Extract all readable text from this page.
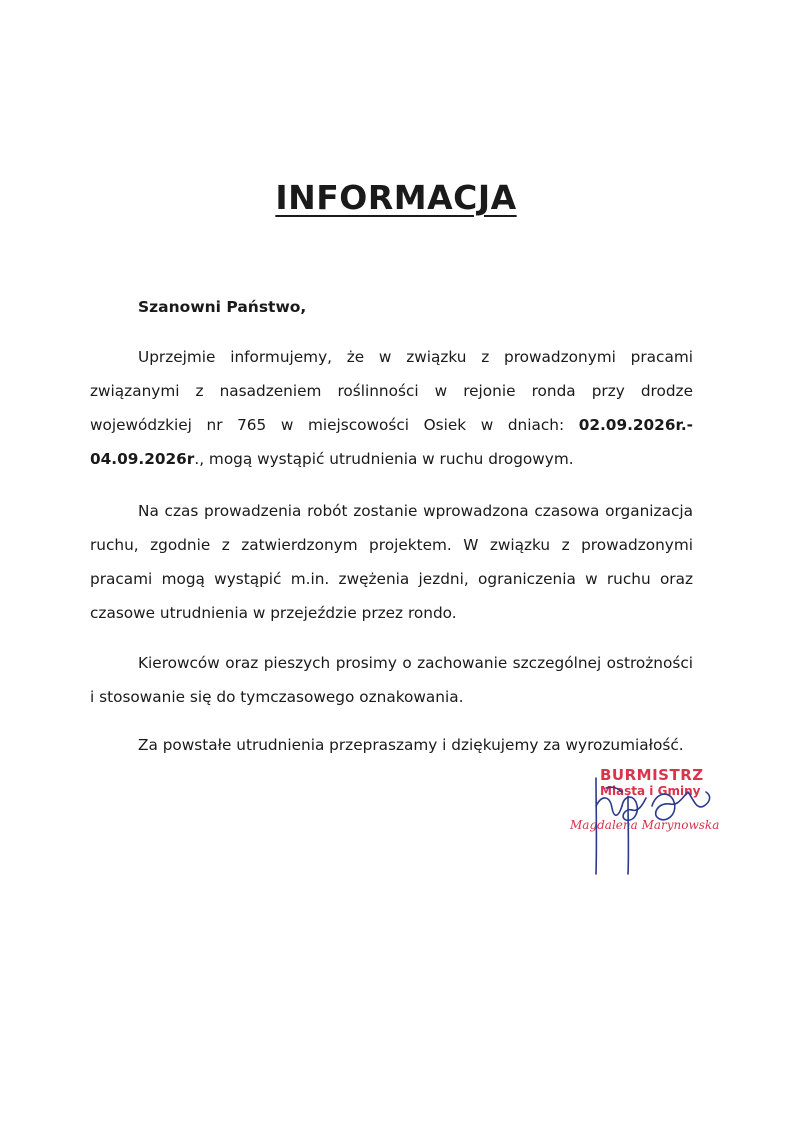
INFORMACJA
Szanowni Państwo,
Uprzejmie informujemy, że w związku z prowadzonymi pracami związanymi z nasadzeniem roślinności w rejonie ronda przy drodze wojewódzkiej nr 765 w miejscowości Osiek w dniach: 02.09.2026r.- 04.09.2026r., mogą wystąpić utrudnienia w ruchu drogowym.
Na czas prowadzenia robót zostanie wprowadzona czasowa organizacja ruchu, zgodnie z zatwierdzonym projektem. W związku z prowadzonymi pracami mogą wystąpić m.in. zwężenia jezdni, ograniczenia w ruchu oraz czasowe utrudnienia w przejeździe przez rondo.
Kierowców oraz pieszych prosimy o zachowanie szczególnej ostrożności i stosowanie się do tymczasowego oznakowania.
Za powstałe utrudnienia przepraszamy i dziękujemy za wyrozumiałość.
BURMISTRZ
Miasta i Gminy
Magdalena Marynowska
